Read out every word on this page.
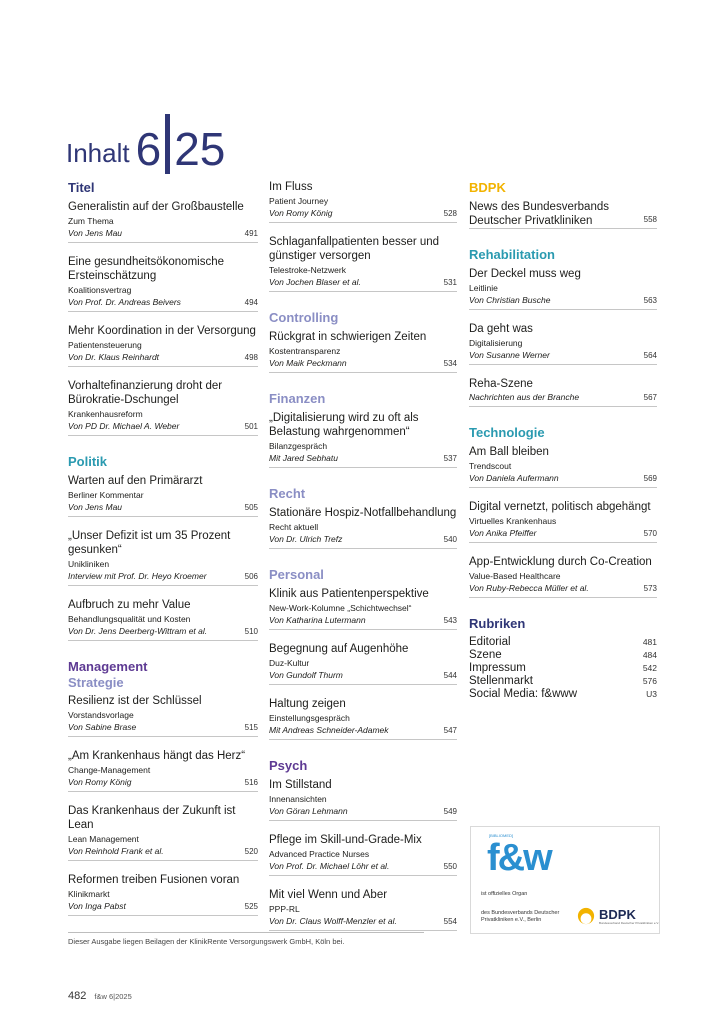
Inhalt 6 25
Titel
Generalistin auf der Großbaustelle
Zum Thema
Von Jens Mau	491
Eine gesundheitsökonomische Ersteinschätzung
Koalitionsvertrag
Von Prof. Dr. Andreas Beivers	494
Mehr Koordination in der Versorgung
Patientensteuerung
Von Dr. Klaus Reinhardt	498
Vorhaltefinanzierung droht der Bürokratie-Dschungel
Krankenhausreform
Von PD Dr. Michael A. Weber	501
Politik
Warten auf den Primärarzt
Berliner Kommentar
Von Jens Mau	505
„Unser Defizit ist um 35 Prozent gesunken“
Unikliniken
Interview mit Prof. Dr. Heyo Kroemer	506
Aufbruch zu mehr Value
Behandlungsqualität und Kosten
Von Dr. Jens Deerberg-Wittram et al.	510
Management
Strategie
Resilienz ist der Schlüssel
Vorstandsvorlage
Von Sabine Brase	515
„Am Krankenhaus hängt das Herz“
Change-Management
Von Romy König	516
Das Krankenhaus der Zukunft ist Lean
Lean Management
Von Reinhold Frank et al.	520
Reformen treiben Fusionen voran
Klinikmarkt
Von Inga Pabst	525
Im Fluss
Patient Journey
Von Romy König	528
Schlaganfallpatienten besser und günstiger versorgen
Telestroke-Netzwerk
Von Jochen Blaser et al.	531
Controlling
Rückgrat in schwierigen Zeiten
Kostentransparenz
Von Maik Peckmann	534
Finanzen
„Digitalisierung wird zu oft als Belastung wahrgenommen“
Bilanzgespräch
Mit Jared Sebhatu	537
Recht
Stationäre Hospiz-Notfallbehandlung
Recht aktuell
Von Dr. Ulrich Trefz	540
Personal
Klinik aus Patientenperspektive
New-Work-Kolumne „Schichtwechsel“
Von Katharina Lutermann	543
Begegnung auf Augenhöhe
Duz-Kultur
Von Gundolf Thurm	544
Haltung zeigen
Einstellungsgespräch
Mit Andreas Schneider-Adamek	547
Psych
Im Stillstand
Innenansichten
Von Göran Lehmann	549
Pflege im Skill-und-Grade-Mix
Advanced Practice Nurses
Von Prof. Dr. Michael Löhr et al.	550
Mit viel Wenn und Aber
PPP-RL
Von Dr. Claus Wolff-Menzler et al.	554
BDPK
News des Bundesverbands Deutscher Privatkliniken	558
Rehabilitation
Der Deckel muss weg
Leitlinie
Von Christian Busche	563
Da geht was
Digitalisierung
Von Susanne Werner	564
Reha-Szene
Nachrichten aus der Branche	567
Technologie
Am Ball bleiben
Trendscout
Von Daniela Aufermann	569
Digital vernetzt, politisch abgehängt
Virtuelles Krankenhaus
Von Anika Pfeiffer	570
App-Entwicklung durch Co-Creation
Value-Based Healthcare
Von Ruby-Rebecca Müller et al.	573
Rubriken
Editorial	481
Szene	484
Impressum	542
Stellenmarkt	576
Social Media: f&www	U3
Dieser Ausgabe liegen Beilagen der KlinikRente Versorgungswerk GmbH, Köln bei.
482 f&w 6|2025
[BIBLIOMED]
f&w
ist offizielles Organ
des Bundesverbands Deutscher Privatkliniken e.V., Berlin	BDPK
Bundesverband Deutscher Privatkliniken e.V.
